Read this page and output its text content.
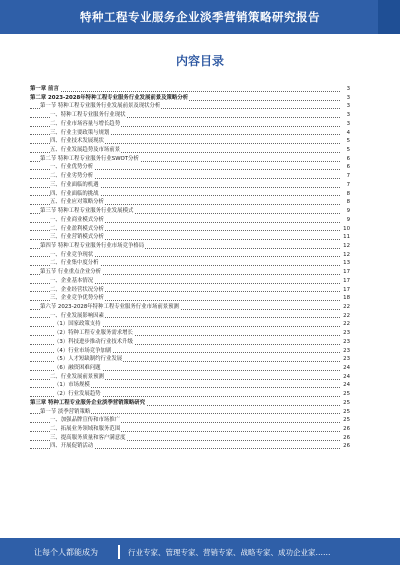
特种工程专业服务企业淡季营销策略研究报告
内容目录
第一章 前言	3
第二章 2023-2028年特种工程专业服务行业发展前景及策略分析	3
第一节 特种工程专业服务行业发展前景及现状分析	3
一、特种工程专业服务行业现状	3
二、行业市场容量与增长趋势	3
三、行业主要政策与规划	4
四、行业技术发展现状	5
五、行业发展趋势及市场前景	5
第二节 特种工程专业服务行业SWOT分析	6
一、行业优势分析	6
二、行业劣势分析	7
三、行业面临的机遇	7
四、行业面临的挑战	8
五、行业应对策略分析	8
第三节 特种工程专业服务行业发展模式	9
一、行业商业模式分析	9
二、行业盈利模式分析	10
三、行业营销模式分析	11
第四节 特种工程专业服务行业市场竞争格局	12
一、行业竞争现状	12
二、行业集中度分析	13
第五节 行业重点企业分析	17
一、企业基本情况	17
二、企业经营状况分析	17
三、企业竞争优势分析	18
第六节 2023-2028年特种工程专业服务行业市场前景预测	22
一、行业发展影响因素	22
（1）国家政策支持	22
（2）特种工程专业服务需求增长	23
（3）科技进步推动行业技术升级	23
（4）行业市场竞争加剧	23
（5）人才短缺制约行业发展	23
（6）融资困难问题	24
二、行业发展前景预测	24
（1）市场规模	24
（2）行业发展趋势	25
第三章 特种工程专业服务企业淡季营销策略研究	25
第一节 淡季营销策略	25
一、加强品牌宣传和市场推广	25
二、拓展业务领域和服务范围	26
三、提高服务质量和客户满意度	26
四、开展促销活动	26
让每个人都能成为	行业专家、管理专家、营销专家、战略专家、成功企业家……
